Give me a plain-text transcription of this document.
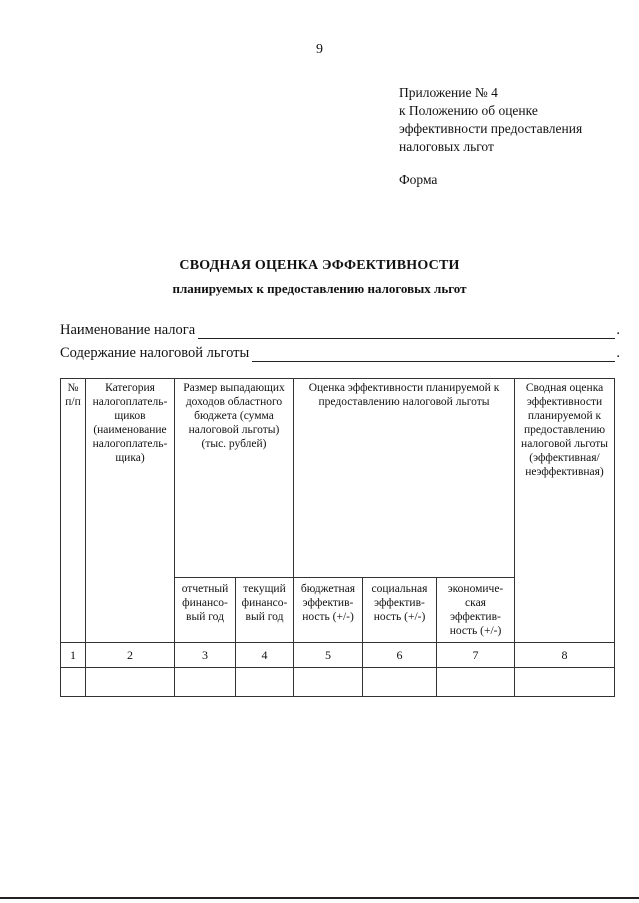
9
Приложение № 4
к Положению об оценке
эффективности предоставления
налоговых льгот
Форма
СВОДНАЯ ОЦЕНКА ЭФФЕКТИВНОСТИ
планируемых к предоставлению налоговых льгот
Наименование налога	.
Содержание налоговой льготы	.
№ п/п	Категория налогоплатель-щиков (наименование налогоплатель-щика)	Размер выпадающих доходов областного бюджета (сумма налоговой льготы) (тыс. рублей)		Оценка эффективности планируемой к предоставлению налоговой льготы			Сводная оценка эффективности планируемой к предоставлению налоговой льготы (эффективная/ неэффективная)
		отчетный финансо-вый год	текущий финансо-вый год	бюджетная эффектив-ность (+/-)	социальная эффектив-ность (+/-)	экономиче-ская эффектив-ность (+/-)	
1	2	3	4	5	6	7	8
